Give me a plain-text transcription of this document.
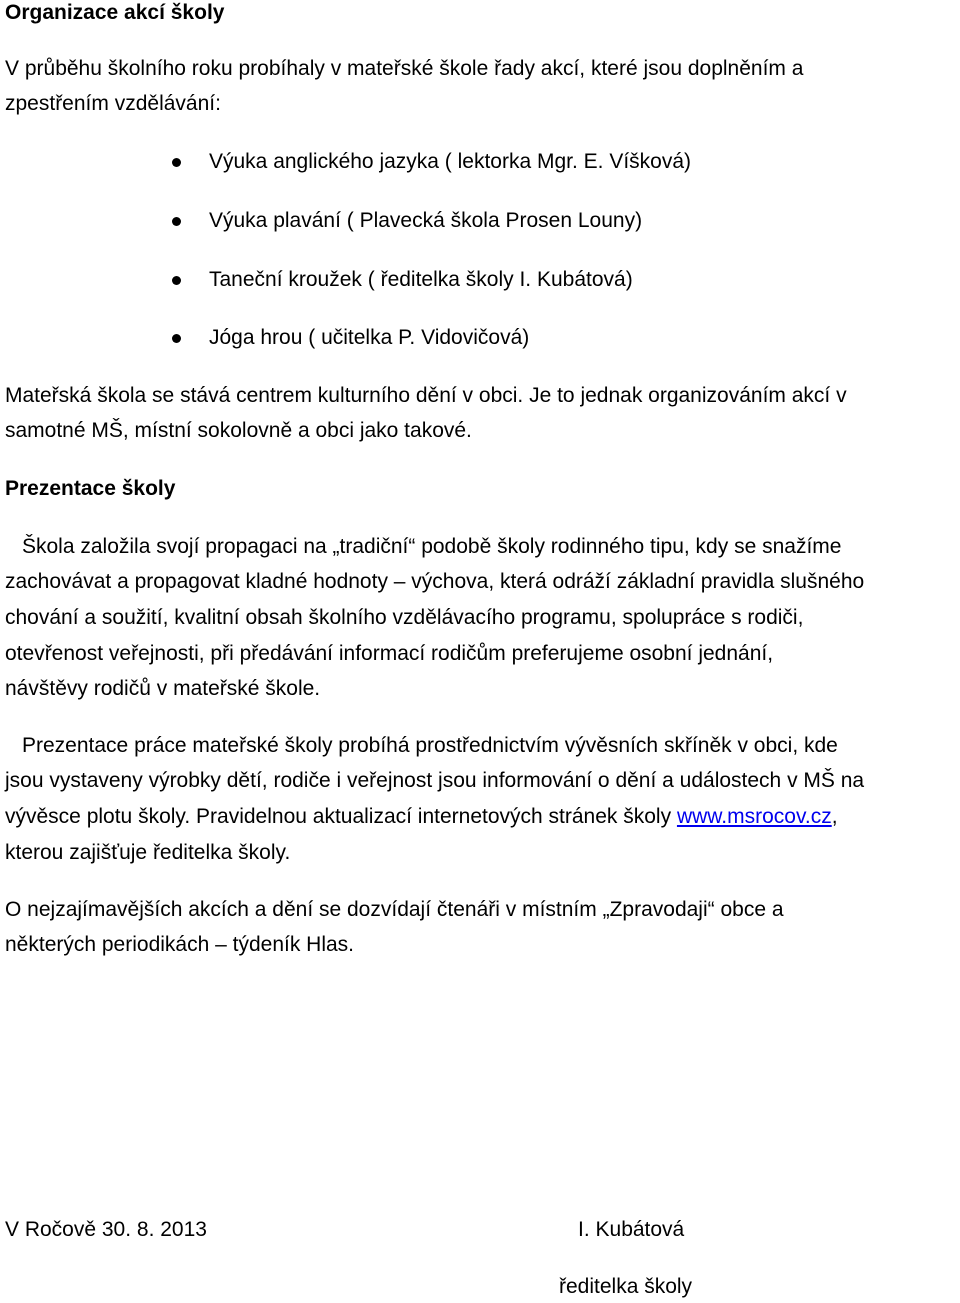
Organizace akcí školy
V průběhu školního roku probíhaly v mateřské škole řady akcí, které jsou doplněním a
zpestřením vzdělávání:
Výuka anglického jazyka ( lektorka Mgr. E. Víšková)
Výuka plavání ( Plavecká škola Prosen Louny)
Taneční kroužek ( ředitelka školy I. Kubátová)
Jóga hrou ( učitelka P. Vidovičová)
Mateřská škola se stává centrem kulturního dění v obci. Je to jednak organizováním akcí v
samotné MŠ, místní sokolovně a obci jako takové.
Prezentace školy
Škola založila svojí propagaci na „tradiční“ podobě školy rodinného tipu, kdy se snažíme
zachovávat a propagovat kladné hodnoty – výchova, která odráží základní pravidla slušného
chování a soužití, kvalitní obsah školního vzdělávacího programu, spolupráce s rodiči,
otevřenost veřejnosti, při předávání informací rodičům preferujeme osobní jednání,
návštěvy rodičů v mateřské škole.
Prezentace práce mateřské školy probíhá prostřednictvím vývěsních skříněk v obci, kde
jsou vystaveny výrobky dětí, rodiče i veřejnost jsou informování o dění a událostech v MŠ na
vývěsce plotu školy. Pravidelnou aktualizací internetových stránek školy www.msrocov.cz,
kterou zajišťuje ředitelka školy.
O nejzajímavějších akcích a dění se dozvídají čtenáři v místním „Zpravodaji“ obce a
některých periodikách – týdeník Hlas.
V Ročově 30. 8. 2013	I. Kubátová
ředitelka školy
